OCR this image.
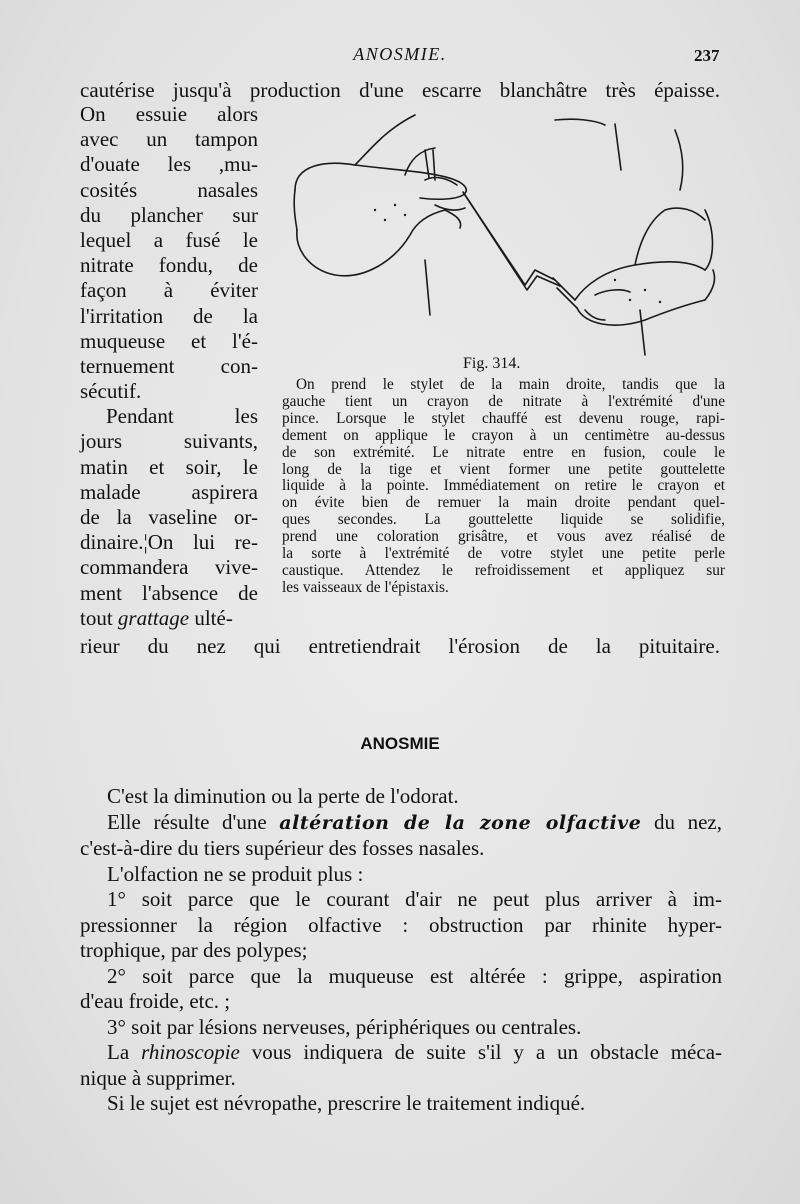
ANOSMIE.	237
cautérise jusqu'à production d'une escarre blanchâtre très épaisse.
On essuie alors
avec un tampon
d'ouate les ,mu-
cosités nasales
du plancher sur
lequel a fusé le
nitrate fondu, de
façon à éviter
l'irritation de la
muqueuse et l'é-
ternuement con-
sécutif.
Pendant les
jours suivants,
matin et soir, le
malade aspirera
de la vaseline or-
dinaire.¦On lui re-
commandera vive-
ment l'absence de
tout grattage ulté-
Fig. 314.
On prend le stylet de la main droite, tandis que la
gauche tient un crayon de nitrate à l'extrémité d'une
pince. Lorsque le stylet chauffé est devenu rouge, rapi-
dement on applique le crayon à un centimètre au-dessus
de son extrémité. Le nitrate entre en fusion, coule le
long de la tige et vient former une petite gouttelette
liquide à la pointe. Immédiatement on retire le crayon et
on évite bien de remuer la main droite pendant quel-
ques secondes. La gouttelette liquide se solidifie,
prend une coloration grisâtre, et vous avez réalisé de
la sorte à l'extrémité de votre stylet une petite perle
caustique. Attendez le refroidissement et appliquez sur
les vaisseaux de l'épistaxis.
rieur du nez qui entretiendrait l'érosion de la pituitaire.
ANOSMIE
C'est la diminution ou la perte de l'odorat.
Elle résulte d'une altération de la zone olfactive du nez,
c'est-à-dire du tiers supérieur des fosses nasales.
L'olfaction ne se produit plus :
1° soit parce que le courant d'air ne peut plus arriver à im-
pressionner la région olfactive : obstruction par rhinite hyper-
trophique, par des polypes;
2° soit parce que la muqueuse est altérée : grippe, aspiration
d'eau froide, etc. ;
3° soit par lésions nerveuses, périphériques ou centrales.
La rhinoscopie vous indiquera de suite s'il y a un obstacle méca-
nique à supprimer.
Si le sujet est névropathe, prescrire le traitement indiqué.
